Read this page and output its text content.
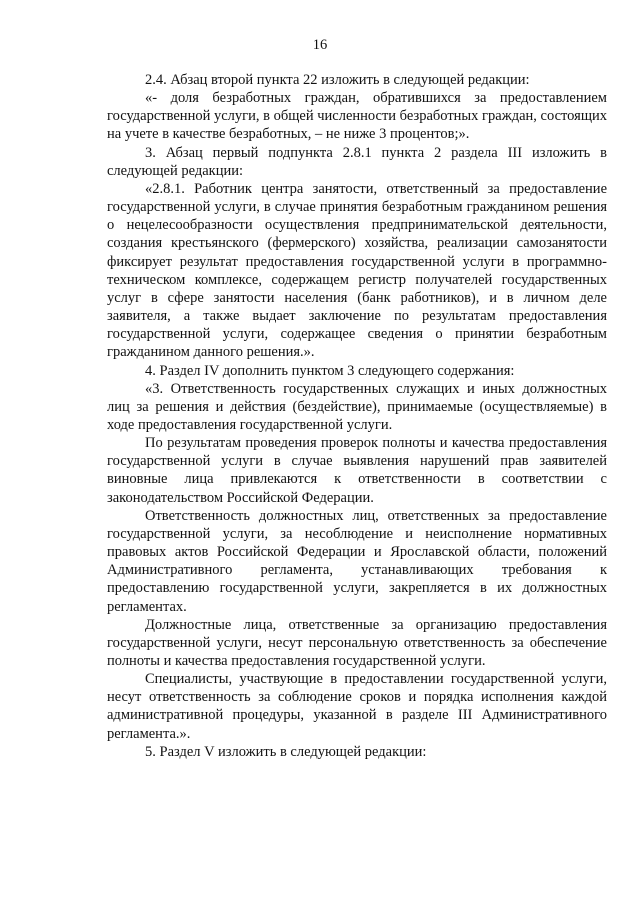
16

2.4. Абзац второй пункта 22 изложить в следующей редакции:

«- доля безработных граждан, обратившихся за предоставлением государственной услуги, в общей численности безработных граждан, состоящих на учете в качестве безработных, – не ниже 3 процентов;».

3. Абзац первый подпункта 2.8.1 пункта 2 раздела III изложить в следующей редакции:

«2.8.1. Работник центра занятости, ответственный за предоставление государственной услуги, в случае принятия безработным гражданином решения о нецелесообразности осуществления предпринимательской деятельности, создания крестьянского (фермерского) хозяйства, реализации самозанятости фиксирует результат предоставления государственной услуги в программно-техническом комплексе, содержащем регистр получателей государственных услуг в сфере занятости населения (банк работников), и в личном деле заявителя, а также выдает заключение по результатам предоставления государственной услуги, содержащее сведения о принятии безработным гражданином данного решения.».

4. Раздел IV дополнить пунктом 3 следующего содержания:

«3. Ответственность государственных служащих и иных должностных лиц за решения и действия (бездействие), принимаемые (осуществляемые) в ходе предоставления государственной услуги.

По результатам проведения проверок полноты и качества предоставления государственной услуги в случае выявления нарушений прав заявителей виновные лица привлекаются к ответственности в соответствии с законодательством Российской Федерации.

Ответственность должностных лиц, ответственных за предоставление государственной услуги, за несоблюдение и неисполнение нормативных правовых актов Российской Федерации и Ярославской области, положений Административного регламента, устанавливающих требования к предоставлению государственной услуги, закрепляется в их должностных регламентах.

Должностные лица, ответственные за организацию предоставления государственной услуги, несут персональную ответственность за обеспечение полноты и качества предоставления государственной услуги.

Специалисты, участвующие в предоставлении государственной услуги, несут ответственность за соблюдение сроков и порядка исполнения каждой административной процедуры, указанной в разделе III Административного регламента.».

5. Раздел V изложить в следующей редакции:
